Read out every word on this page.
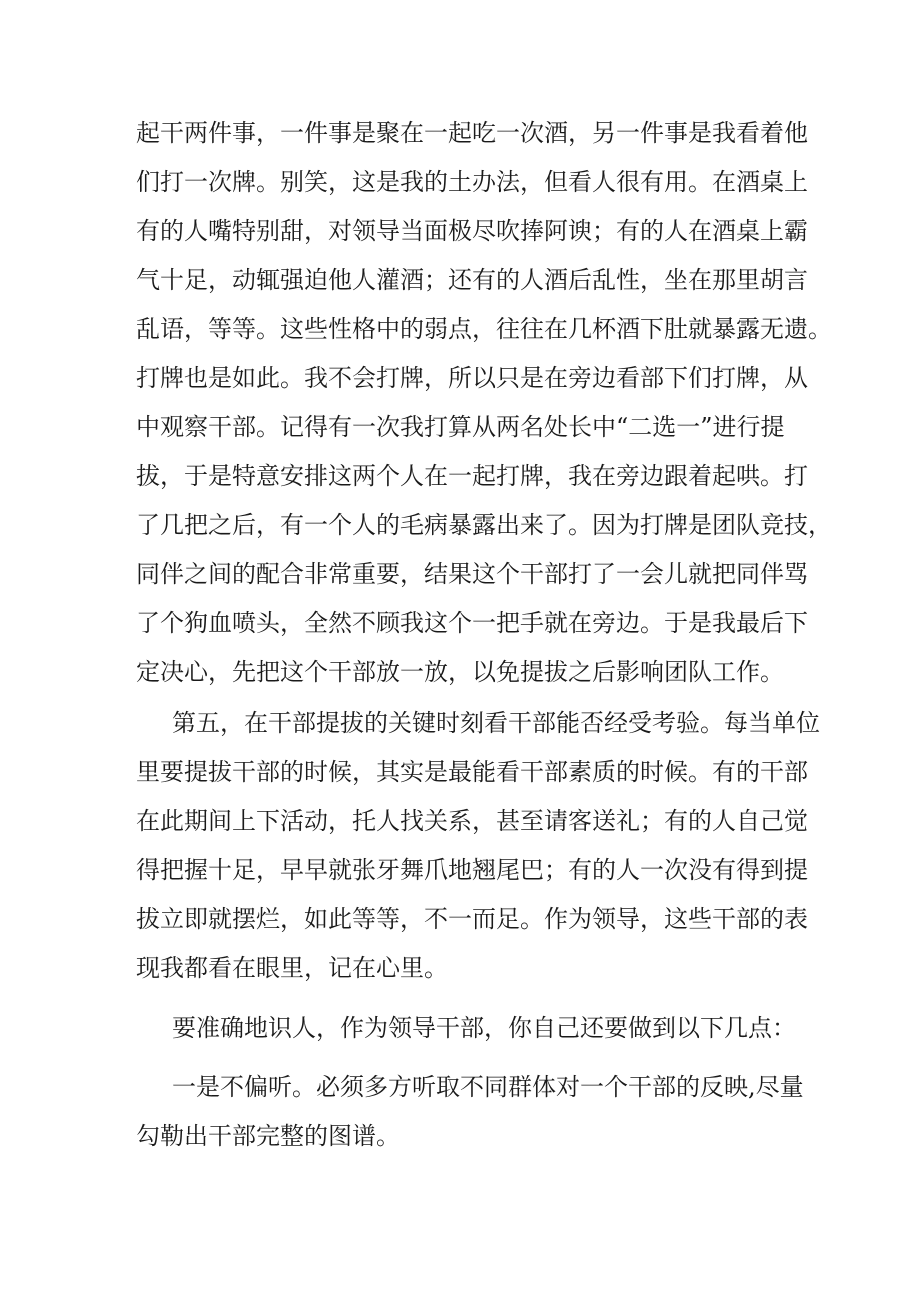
起干两件事，一件事是聚在一起吃一次酒，另一件事是我看着他
们打一次牌。别笑，这是我的土办法，但看人很有用。在酒桌上
有的人嘴特别甜，对领导当面极尽吹捧阿谀；有的人在酒桌上霸
气十足，动辄强迫他人灌酒；还有的人酒后乱性，坐在那里胡言
乱语，等等。这些性格中的弱点，往往在几杯酒下肚就暴露无遗。
打牌也是如此。我不会打牌，所以只是在旁边看部下们打牌，从
中观察干部。记得有一次我打算从两名处长中“二选一”进行提
拔，于是特意安排这两个人在一起打牌，我在旁边跟着起哄。打
了几把之后，有一个人的毛病暴露出来了。因为打牌是团队竞技，
同伴之间的配合非常重要，结果这个干部打了一会儿就把同伴骂
了个狗血喷头，全然不顾我这个一把手就在旁边。于是我最后下
定决心，先把这个干部放一放，以免提拔之后影响团队工作。
第五，在干部提拔的关键时刻看干部能否经受考验。每当单位
里要提拔干部的时候，其实是最能看干部素质的时候。有的干部
在此期间上下活动，托人找关系，甚至请客送礼；有的人自己觉
得把握十足，早早就张牙舞爪地翘尾巴；有的人一次没有得到提
拔立即就摆烂，如此等等，不一而足。作为领导，这些干部的表
现我都看在眼里，记在心里。
要准确地识人，作为领导干部，你自己还要做到以下几点：
一是不偏听。必须多方听取不同群体对一个干部的反映,尽量
勾勒出干部完整的图谱。
